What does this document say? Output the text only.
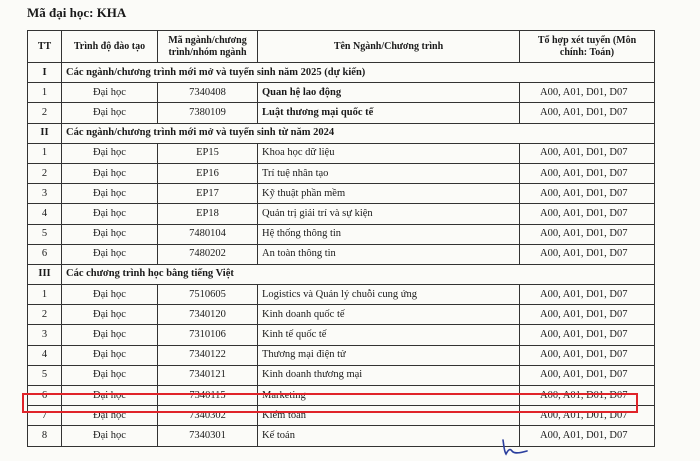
Mã đại học: KHA
TT	Trình độ đào tạo	Mã ngành/chương trình/nhóm ngành	Tên Ngành/Chương trình	Tổ hợp xét tuyển (Môn chính: Toán)
I	Các ngành/chương trình mới mở và tuyển sinh năm 2025 (dự kiến)			
1	Đại học	7340408	Quan hệ lao động	A00, A01, D01, D07
2	Đại học	7380109	Luật thương mại quốc tế	A00, A01, D01, D07
II	Các ngành/chương trình mới mở và tuyển sinh từ năm 2024			
1	Đại học	EP15	Khoa học dữ liệu	A00, A01, D01, D07
2	Đại học	EP16	Trí tuệ nhân tạo	A00, A01, D01, D07
3	Đại học	EP17	Kỹ thuật phần mềm	A00, A01, D01, D07
4	Đại học	EP18	Quản trị giải trí và sự kiện	A00, A01, D01, D07
5	Đại học	7480104	Hệ thống thông tin	A00, A01, D01, D07
6	Đại học	7480202	An toàn thông tin	A00, A01, D01, D07
III	Các chương trình học bằng tiếng Việt			
1	Đại học	7510605	Logistics và Quản lý chuỗi cung ứng	A00, A01, D01, D07
2	Đại học	7340120	Kinh doanh quốc tế	A00, A01, D01, D07
3	Đại học	7310106	Kinh tế quốc tế	A00, A01, D01, D07
4	Đại học	7340122	Thương mại điện tử	A00, A01, D01, D07
5	Đại học	7340121	Kinh doanh thương mại	A00, A01, D01, D07
6	Đại học	7340115	Marketing	A00, A01, D01, D07
7	Đại học	7340302	Kiểm toán	A00, A01, D01, D07
8	Đại học	7340301	Kế toán	A00, A01, D01, D07
